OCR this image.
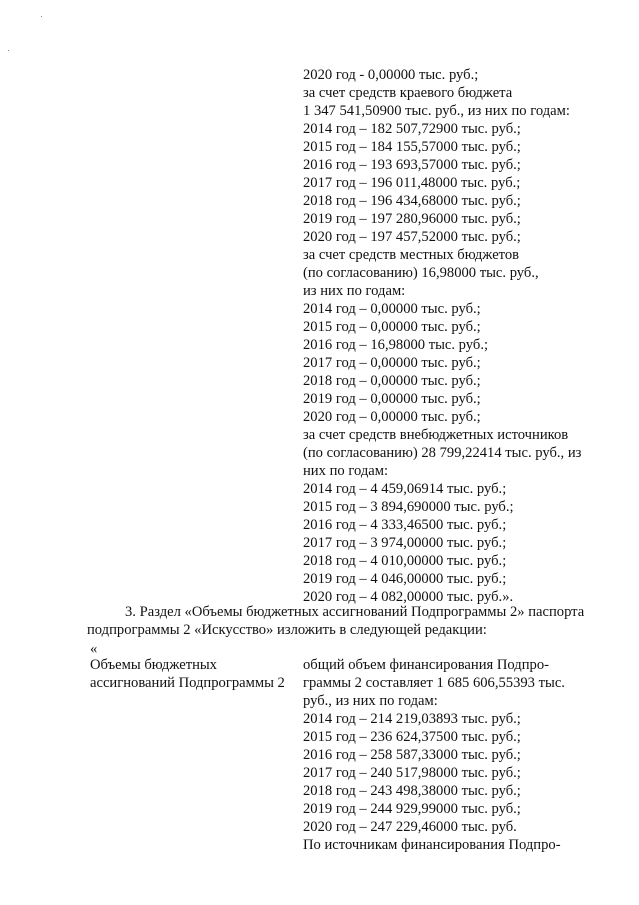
2020 год - 0,00000 тыс. руб.;

за счет средств краевого бюджета

1 347 541,50900 тыс. руб., из них по годам:

2014 год – 182 507,72900 тыс. руб.;

2015 год – 184 155,57000 тыс. руб.;

2016 год – 193 693,57000 тыс. руб.;

2017 год – 196 011,48000 тыс. руб.;

2018 год – 196 434,68000 тыс. руб.;

2019 год – 197 280,96000 тыс. руб.;

2020 год – 197 457,52000 тыс. руб.;

за счет средств местных бюджетов

(по согласованию) 16,98000 тыс. руб.,

из них по годам:

2014 год – 0,00000 тыс. руб.;

2015 год – 0,00000 тыс. руб.;

2016 год – 16,98000 тыс. руб.;

2017 год – 0,00000 тыс. руб.;

2018 год – 0,00000 тыс. руб.;

2019 год – 0,00000 тыс. руб.;

2020 год – 0,00000 тыс. руб.;

за счет средств внебюджетных источников

(по согласованию) 28 799,22414 тыс. руб., из

них по годам:

2014 год – 4 459,06914 тыс. руб.;

2015 год – 3 894,690000 тыс. руб.;

2016 год – 4 333,46500 тыс. руб.;

2017 год – 3 974,00000 тыс. руб.;

2018 год – 4 010,00000 тыс. руб.;

2019 год – 4 046,00000 тыс. руб.;

2020 год – 4 082,00000 тыс. руб.».

3. Раздел «Объемы бюджетных ассигнований Подпрограммы 2» паспорта

подпрограммы 2 «Искусство» изложить в следующей редакции:

«

Объемы бюджетных

ассигнований Подпрограммы 2

общий объем финансирования Подпро-

граммы 2 составляет 1 685 606,55393 тыс.

руб., из них по годам:

2014 год – 214 219,03893 тыс. руб.;

2015 год – 236 624,37500 тыс. руб.;

2016 год – 258 587,33000 тыс. руб.;

2017 год – 240 517,98000 тыс. руб.;

2018 год – 243 498,38000 тыс. руб.;

2019 год – 244 929,99000 тыс. руб.;

2020 год – 247 229,46000 тыс. руб.

По источникам финансирования Подпро-
